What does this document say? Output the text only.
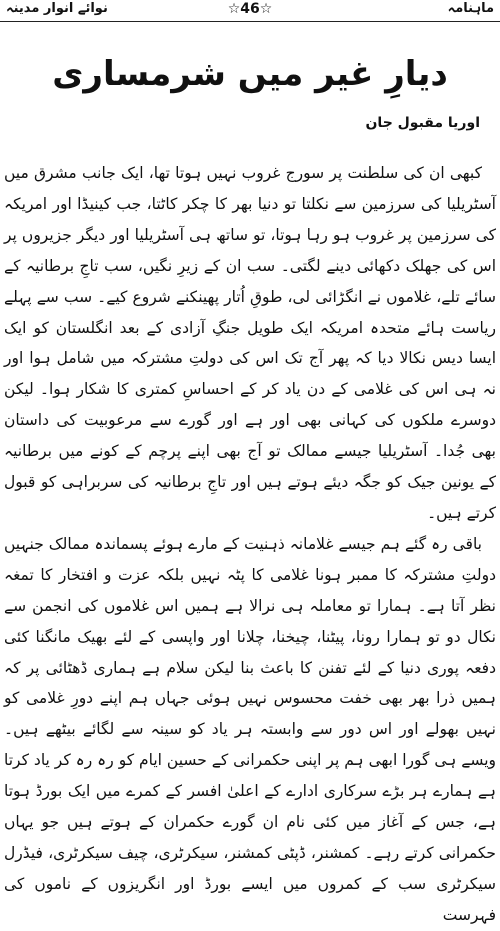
ماہنامہ
☆46☆
نوائے انوار مدینہ
دیارِ غیر میں شرمساری
اوریا مقبول جان

کبھی ان کی سلطنت پر سورج غروب نہیں ہوتا تھا، ایک جانب مشرق میں آسٹریلیا کی سرزمین سے نکلتا تو دنیا بھر کا چکر کاٹتا، جب کینیڈا اور امریکہ کی سرزمین پر غروب ہو رہا ہوتا، تو ساتھ ہی آسٹریلیا اور دیگر جزیروں پر اس کی جھلک دکھائی دینے لگتی۔ سب ان کے زیرِ نگیں، سب تاجِ برطانیہ کے سائے تلے، غلاموں نے انگڑائی لی، طوقِ اُتار پھینکنے شروع کیے۔ سب سے پہلے ریاست ہائے متحدہ امریکہ ایک طویل جنگِ آزادی کے بعد انگلستان کو ایک ایسا دیس نکالا دیا کہ پھر آج تک اس کی دولتِ مشترکہ میں شامل ہوا اور نہ ہی اس کی غلامی کے دن یاد کر کے احساسِ کمتری کا شکار ہوا۔ لیکن دوسرے ملکوں کی کہانی بھی اور ہے اور گورے سے مرعوبیت کی داستان بھی جُدا۔ آسٹریلیا جیسے ممالک تو آج بھی اپنے پرچم کے کونے میں برطانیہ کے یونین جیک کو جگہ دیئے ہوتے ہیں اور تاجِ برطانیہ کی سربراہی کو قبول کرتے ہیں۔

باقی رہ گئے ہم جیسے غلامانہ ذہنیت کے مارے ہوئے پسماندہ ممالک جنہیں دولتِ مشترکہ کا ممبر ہونا غلامی کا پٹہ نہیں بلکہ عزت و افتخار کا تمغہ نظر آتا ہے۔ ہمارا تو معاملہ ہی نرالا ہے ہمیں اس غلاموں کی انجمن سے نکال دو تو ہمارا رونا، پیٹنا، چیخنا، چلانا اور واپسی کے لئے بھیک مانگنا کئی دفعہ پوری دنیا کے لئے تفنن کا باعث بنا لیکن سلام ہے ہماری ڈھٹائی پر کہ ہمیں ذرا بھر بھی خفت محسوس نہیں ہوئی جہاں ہم اپنے دورِ غلامی کو نہیں بھولے اور اس دور سے وابستہ ہر یاد کو سینہ سے لگائے بیٹھے ہیں۔ ویسے ہی گورا ابھی ہم پر اپنی حکمرانی کے حسین ایام کو رہ رہ کر یاد کرتا ہے ہمارے ہر بڑے سرکاری ادارے کے اعلیٰ افسر کے کمرے میں ایک بورڈ ہوتا ہے، جس کے آغاز میں کئی نام ان گورے حکمران کے ہوتے ہیں جو یہاں حکمرانی کرتے رہے۔ کمشنر، ڈپٹی کمشنر، سیکرٹری، چیف سیکرٹری، فیڈرل سیکرٹری سب کے کمروں میں ایسے بورڈ اور انگریزوں کے ناموں کی فہرست
